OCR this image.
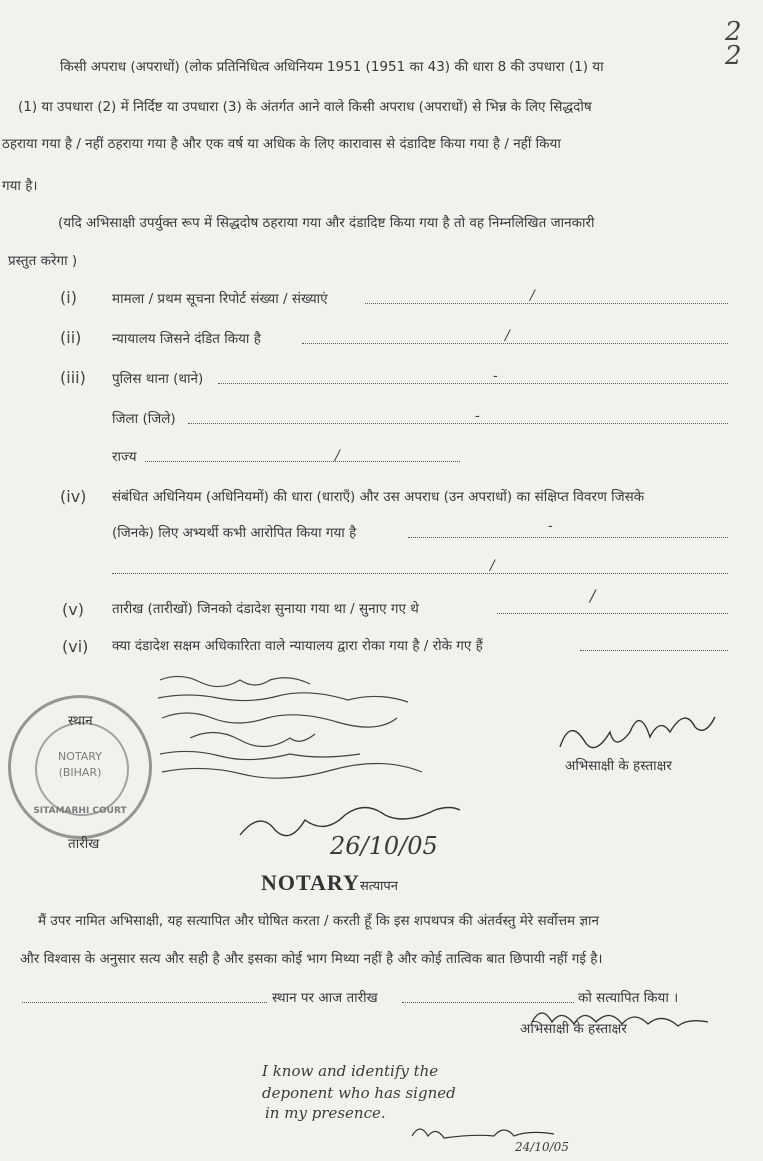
2
2
किसी अपराध (अपराधों) (लोक प्रतिनिधित्व अधिनियम 1951 (1951 का 43) की धारा 8 की उपधारा (1) या
(1) या उपधारा (2) में निर्दिष्ट या उपधारा (3) के अंतर्गत आने वाले किसी अपराध (अपराधों) से भिन्न के लिए सिद्धदोष
ठहराया गया है / नहीं ठहराया गया है और एक वर्ष या अधिक के लिए कारावास से दंडादिष्ट किया गया है / नहीं किया
गया है।
(यदि अभिसाक्षी उपर्युक्त रूप में सिद्धदोष ठहराया गया और दंडादिष्ट किया गया है तो वह निम्नलिखित जानकारी
प्रस्तुत करेगा )
(i)	मामला / प्रथम सूचना रिपोर्ट संख्या / संख्याएं
(ii) न्यायालय जिसने दंडित किया है
(iii) पुलिस थाना (थाने)
जिला (जिले)
राज्य
(iv) संबंधित अधिनियम (अधिनियमों) की धारा (धाराएँ) और उस अपराध (उन अपराधों) का संक्षिप्त विवरण जिसके
(जिनके) लिए अभ्यर्थी कभी आरोपित किया गया है
(v) तारीख (तारीखों) जिनको दंडादेश सुनाया गया था / सुनाए गए थे
(vi) क्या दंडादेश सक्षम अधिकारिता वाले न्यायालय द्वारा रोका गया है / रोके गए हैं
/
/
-
-
/
-
/
/
SITAMARHI COURT
NOTARY
(BIHAR)
स्थान
तारीख
अभिसाक्षी के हस्ताक्षर
26/10/05
NOTARYसत्यापन
मैं उपर नामित अभिसाक्षी, यह सत्यापित और घोषित करता / करती हूँ कि इस शपथपत्र की अंतर्वस्तु मेरे सर्वोत्तम ज्ञान
और विश्वास के अनुसार सत्य और सही है और इसका कोई भाग मिथ्या नहीं है और कोई तात्विक बात छिपायी नहीं गई है।
स्थान पर आज तारीख	को सत्यापित किया ।
अभिसाक्षी के हस्ताक्षर
I know and identify the
deponent who has signed
in my presence.
24/10/05
